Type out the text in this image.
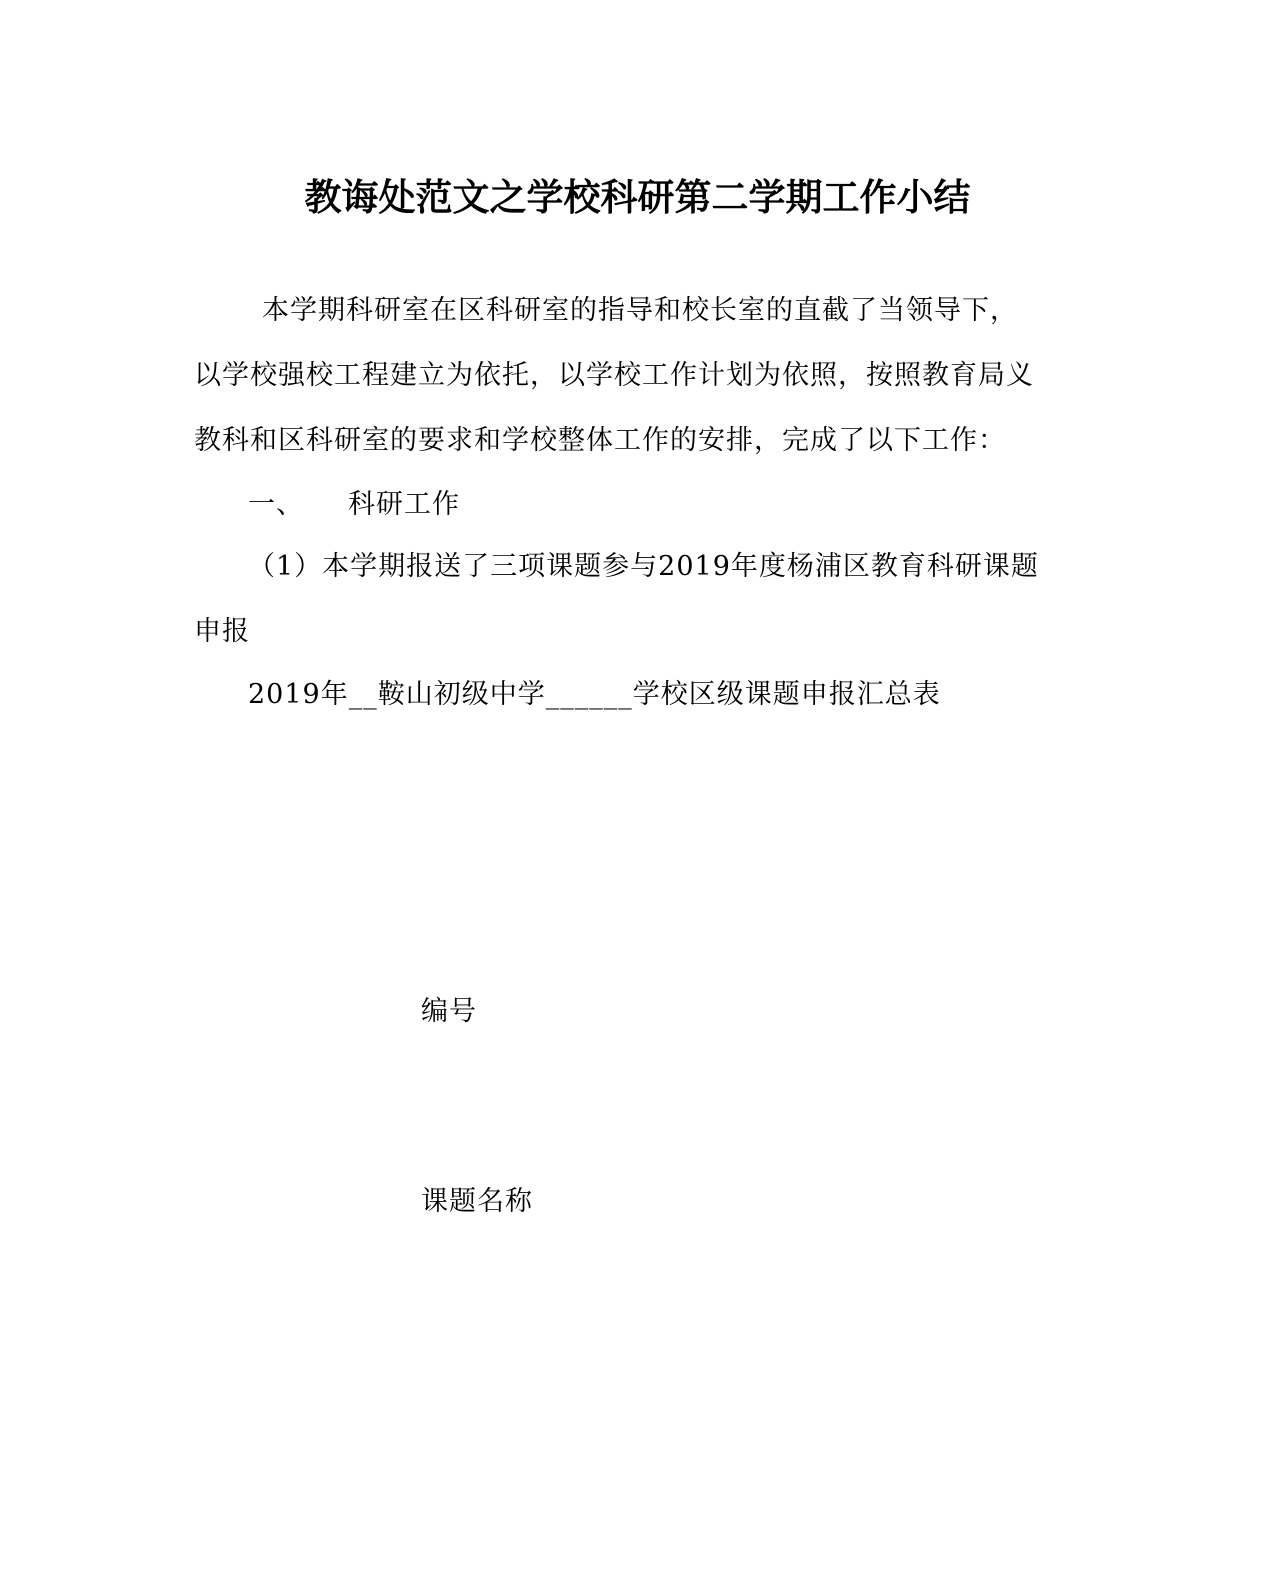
教诲处范文之学校科研第二学期工作小结
本学期科研室在区科研室的指导和校长室的直截了当领导下，
以学校强校工程建立为依托，以学校工作计划为依照，按照教育局义
教科和区科研室的要求和学校整体工作的安排，完成了以下工作：
一、 科研工作
（1）本学期报送了三项课题参与2019年度杨浦区教育科研课题
申报
2019年__鞍山初级中学______学校区级课题申报汇总表

编号

课题名称
